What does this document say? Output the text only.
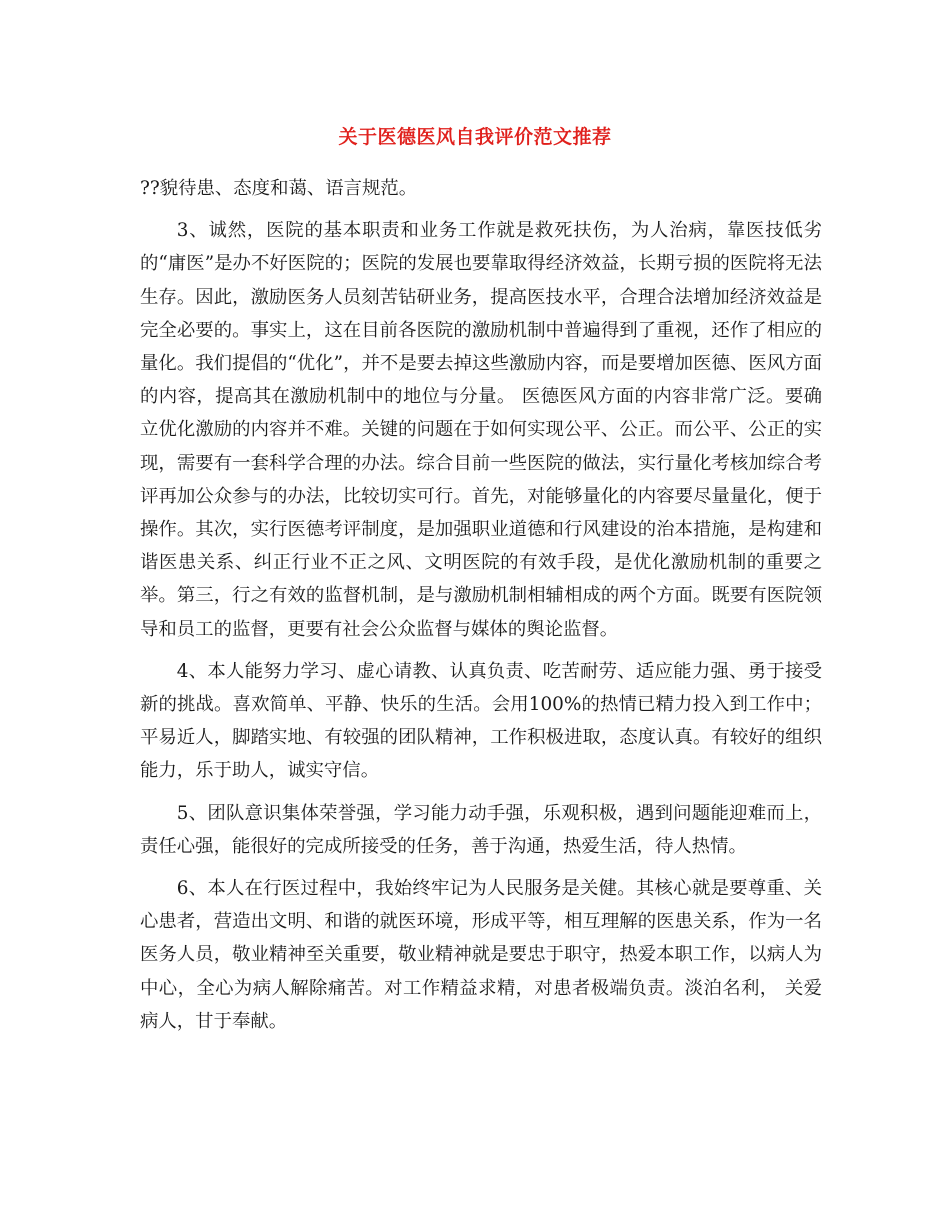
关于医德医风自我评价范文推荐

??貌待患、态度和蔼、语言规范。

3、诚然，医院的基本职责和业务工作就是救死扶伤，为人治病，靠医技低劣的“庸医”是办不好医院的；医院的发展也要靠取得经济效益，长期亏损的医院将无法生存。因此，激励医务人员刻苦钻研业务，提高医技水平，合理合法增加经济效益是完全必要的。事实上，这在目前各医院的激励机制中普遍得到了重视，还作了相应的量化。我们提倡的“优化”，并不是要去掉这些激励内容，而是要增加医德、医风方面的内容，提高其在激励机制中的地位与分量。 医德医风方面的内容非常广泛。要确立优化激励的内容并不难。关键的问题在于如何实现公平、公正。而公平、公正的实现，需要有一套科学合理的办法。综合目前一些医院的做法，实行量化考核加综合考评再加公众参与的办法，比较切实可行。首先，对能够量化的内容要尽量量化，便于操作。其次，实行医德考评制度，是加强职业道德和行风建设的治本措施，是构建和谐医患关系、纠正行业不正之风、文明医院的有效手段，是优化激励机制的重要之举。第三，行之有效的监督机制，是与激励机制相辅相成的两个方面。既要有医院领导和员工的监督，更要有社会公众监督与媒体的舆论监督。

4、本人能努力学习、虚心请教、认真负责、吃苦耐劳、适应能力强、勇于接受新的挑战。喜欢简单、平静、快乐的生活。会用100%的热情已精力投入到工作中；平易近人，脚踏实地、有较强的团队精神，工作积极进取，态度认真。有较好的组织能力，乐于助人，诚实守信。

5、团队意识集体荣誉强，学习能力动手强，乐观积极，遇到问题能迎难而上，责任心强，能很好的完成所接受的任务，善于沟通，热爱生活，待人热情。

6、本人在行医过程中，我始终牢记为人民服务是关健。其核心就是要尊重、关心患者，营造出文明、和谐的就医环境，形成平等，相互理解的医患关系，作为一名医务人员，敬业精神至关重要，敬业精神就是要忠于职守，热爱本职工作，以病人为中心，全心为病人解除痛苦。对工作精益求精，对患者极端负责。淡泊名利， 关爱病人，甘于奉献。
